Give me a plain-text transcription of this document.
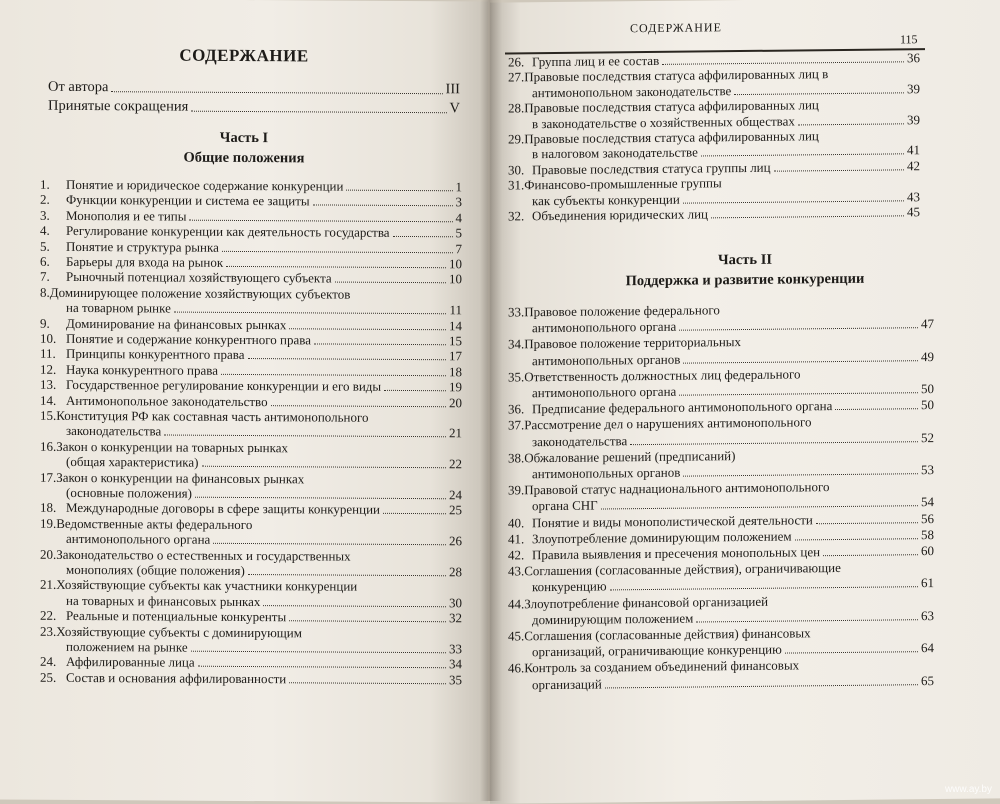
СОДЕРЖАНИЕ
От автора	III
Принятые сокращения	V
Часть I
Общие положения
1.	Понятие и юридическое содержание конкуренции	1
2.	Функции конкуренции и система ее защиты	3
3.	Монополия и ее типы	4
4.	Регулирование конкуренции как деятельность государства	5
5.	Понятие и структура рынка	7
6.	Барьеры для входа на рынок	10
7.	Рыночный потенциал хозяйствующего субъекта	10
8.Доминирующее положение хозяйствующих субъектов
на товарном рынке	11
9.	Доминирование на финансовых рынках	14
10. Понятие и содержание конкурентного права	15
11. Принципы конкурентного права	17
12. Наука конкурентного права	18
13. Государственное регулирование конкуренции и его виды	19
14. Антимонопольное законодательство	20
15.Конституция РФ как составная часть антимонопольного
законодательства	21
16.Закон о конкуренции на товарных рынках
(общая характеристика)	22
17.Закон о конкуренции на финансовых рынках
(основные положения)	24
18. Международные договоры в сфере защиты конкуренции	25
19.Ведомственные акты федерального
антимонопольного органа	26
20.Законодательство о естественных и государственных
монополиях (общие положения)	28
21.Хозяйствующие субъекты как участники конкуренции
на товарных и финансовых рынках	30
22. Реальные и потенциальные конкуренты	32
23.Хозяйствующие субъекты с доминирующим
положением на рынке	33
24. Аффилированные лица	34
25. Состав и основания аффилированности	35
СОДЕРЖАНИЕ
115
26. Группа лиц и ее состав	36
27.Правовые последствия статуса аффилированных лиц в
антимонопольном законодательстве	39
28.Правовые последствия статуса аффилированных лиц
в законодательстве о хозяйственных обществах	39
29.Правовые последствия статуса аффилированных лиц
в налоговом законодательстве	41
30. Правовые последствия статуса группы лиц	42
31.Финансово-промышленные группы
как субъекты конкуренции	43
32. Объединения юридических лиц	45
Часть II
Поддержка и развитие конкуренции
33.Правовое положение федерального
антимонопольного органа	47
34.Правовое положение территориальных
антимонопольных органов	49
35.Ответственность должностных лиц федерального
антимонопольного органа	50
36. Предписание федерального антимонопольного органа	50
37.Рассмотрение дел о нарушениях антимонопольного
законодательства	52
38.Обжалование решений (предписаний)
антимонопольных органов	53
39.Правовой статус наднационального антимонопольного
органа СНГ	54
40. Понятие и виды монополистической деятельности	56
41. Злоупотребление доминирующим положением	58
42. Правила выявления и пресечения монопольных цен	60
43.Соглашения (согласованные действия), ограничивающие
конкуренцию	61
44.Злоупотребление финансовой организацией
доминирующим положением	63
45.Соглашения (согласованные действия) финансовых
организаций, ограничивающие конкуренцию	64
46.Контроль за созданием объединений финансовых
организаций	65
www.ay.by
